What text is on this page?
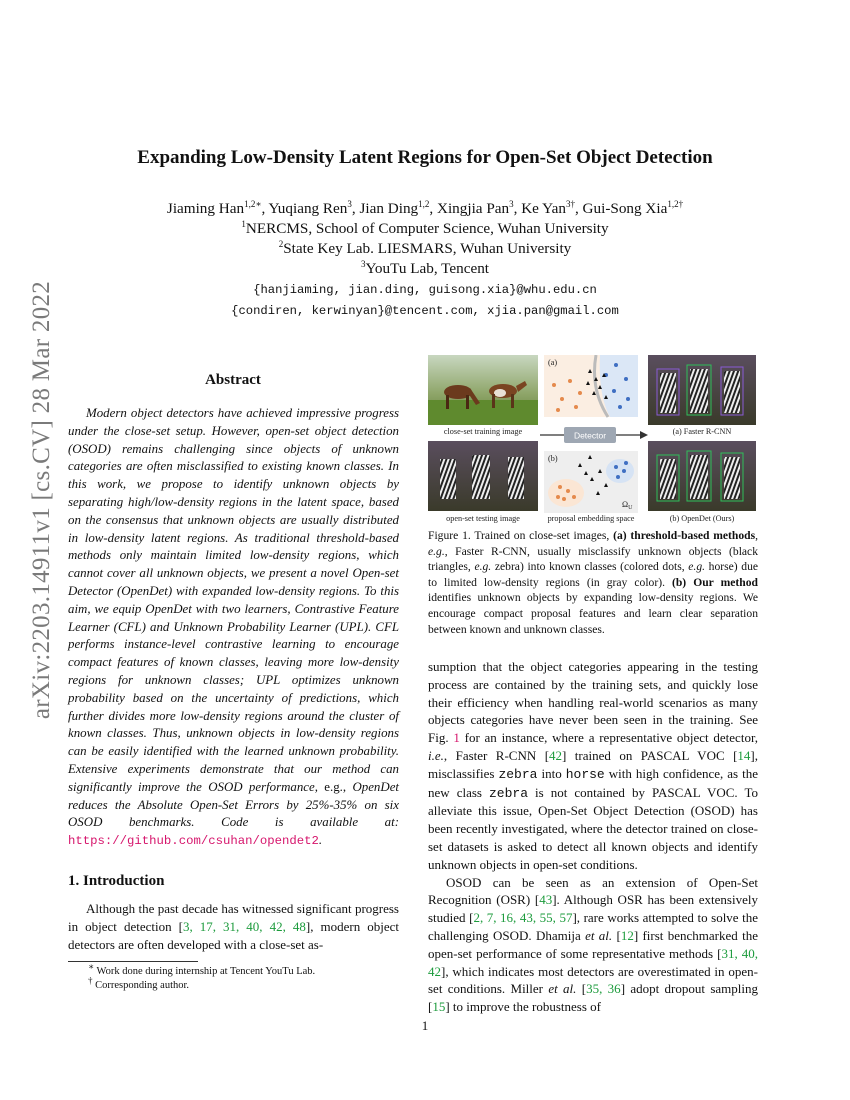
arXiv:2203.14911v1 [cs.CV] 28 Mar 2022
Expanding Low-Density Latent Regions for Open-Set Object Detection
Jiaming Han$^{1,2∗}$, Yuqiang Ren$^3$, Jian Ding$^{1,2}$, Xingjia Pan$^3$, Ke Yan$^{3\dagger}$, Gui-Song Xia$^{1,2\dagger}$
$^1$NERCMS, School of Computer Science, Wuhan University
$^2$State Key Lab. LIESMARS, Wuhan University
$^3$YouTu Lab, Tencent
{hanjiaming, jian.ding, guisong.xia}@whu.edu.cn
{condiren, kerwinyan}@tencent.com, xjia.pan@gmail.com
Abstract

Modern object detectors have achieved impressive progress under the close-set setup. However, open-set object detection (OSOD) remains challenging since objects of unknown categories are often misclassified to existing known classes. In this work, we propose to identify unknown objects by separating high/low-density regions in the latent space, based on the consensus that unknown objects are usually distributed in low-density latent regions. As traditional threshold-based methods only maintain limited low-density regions, which cannot cover all unknown objects, we present a novel Open-set Detector (OpenDet) with expanded low-density regions. To this aim, we equip OpenDet with two learners, Contrastive Feature Learner (CFL) and Unknown Probability Learner (UPL). CFL performs instance-level contrastive learning to encourage compact features of known classes, leaving more low-density regions for unknown classes; UPL optimizes unknown probability based on the uncertainty of predictions, which further divides more low-density regions around the cluster of known classes. Thus, unknown objects in low-density regions can be easily identified with the learned unknown probability. Extensive experiments demonstrate that our method can significantly improve the OSOD performance, e.g., OpenDet reduces the Absolute Open-Set Errors by 25%-35% on six OSOD benchmarks. Code is available at: https://github.com/csuhan/opendet2.

1. Introduction

Although the past decade has witnessed significant progress in object detection [3, 17, 31, 40, 42, 48], modern object detectors are often developed with a close-set as-

∗ Work done during internship at Tencent YouTu Lab.
† Corresponding author.
close-set training image
open-set testing image
(a)
Detector
(b)
$\Omega_U$
proposal embedding space
(a) Faster R-CNN
(b) OpenDet (Ours)

Figure 1. Trained on close-set images, (a) threshold-based methods, e.g., Faster R-CNN, usually misclassify unknown objects (black triangles, e.g. zebra) into known classes (colored dots, e.g. horse) due to limited low-density regions (in gray color). (b) Our method identifies unknown objects by expanding low-density regions. We encourage compact proposal features and learn clear separation between known and unknown classes.

sumption that the object categories appearing in the testing process are contained by the training sets, and quickly lose their efficiency when handling real-world scenarios as many objects categories have never been seen in the training. See Fig. 1 for an instance, where a representative object detector, i.e., Faster R-CNN [42] trained on PASCAL VOC [14], misclassifies zebra into horse with high confidence, as the new class zebra is not contained by PASCAL VOC. To alleviate this issue, Open-Set Object Detection (OSOD) has been recently investigated, where the detector trained on close-set datasets is asked to detect all known objects and identify unknown objects in open-set conditions.

OSOD can be seen as an extension of Open-Set Recognition (OSR) [43]. Although OSR has been extensively studied [2, 7, 16, 43, 55, 57], rare works attempted to solve the challenging OSOD. Dhamija et al. [12] first benchmarked the open-set performance of some representative methods [31, 40, 42], which indicates most detectors are overestimated in open-set conditions. Miller et al. [35, 36] adopt dropout sampling [15] to improve the robustness of

1
